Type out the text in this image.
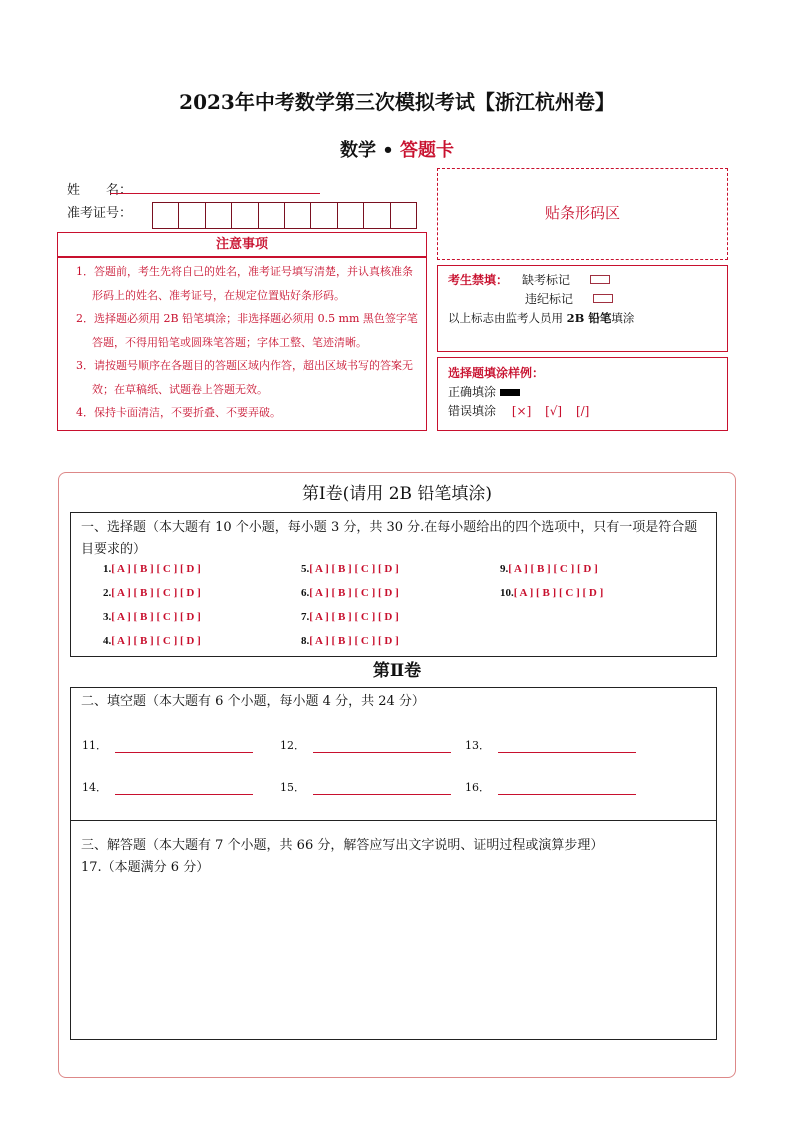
2023年中考数学第三次模拟考试【浙江杭州卷】
数学 • 答题卡
姓　　名：
准考证号：
注意事项

1．答题前，考生先将自己的姓名，准考证号填写清楚，并认真核准条形码上的姓名、准考证号，在规定位置贴好条形码。

2．选择题必须用 2B 铅笔填涂；非选择题必须用 0.5 mm 黑色签字笔答题，不得用铅笔或圆珠笔答题；字体工整、笔迹清晰。

3．请按题号顺序在各题目的答题区域内作答，超出区域书写的答案无效；在草稿纸、试题卷上答题无效。

4．保持卡面清洁，不要折叠、不要弄破。

贴条形码区
考生禁填： 缺考标记
违纪标记
以上标志由监考人员用 2B 铅笔填涂
选择题填涂样例：
正确填涂
错误填涂 [×] [√] [/]
第Ⅰ卷(请用 2B 铅笔填涂)
一、选择题（本大题有 10 个小题，每小题 3 分，共 30 分.在每小题给出的四个选项中，只有一项是符合题目要求的）
1.[ A ] [ B ] [ C ] [ D ]
2.[ A ] [ B ] [ C ] [ D ]
3.[ A ] [ B ] [ C ] [ D ]
4.[ A ] [ B ] [ C ] [ D ]
5.[ A ] [ B ] [ C ] [ D ]
6.[ A ] [ B ] [ C ] [ D ]
7.[ A ] [ B ] [ C ] [ D ]
8.[ A ] [ B ] [ C ] [ D ]
9.[ A ] [ B ] [ C ] [ D ]
10.[ A ] [ B ] [ C ] [ D ]
第Ⅱ卷
二、填空题（本大题有 6 个小题，每小题 4 分，共 24 分）
11．	12．	13．
14．	15．	16．
三、解答题（本大题有 7 个小题，共 66 分，解答应写出文字说明、证明过程或演算步理）
17.（本题满分 6 分）
